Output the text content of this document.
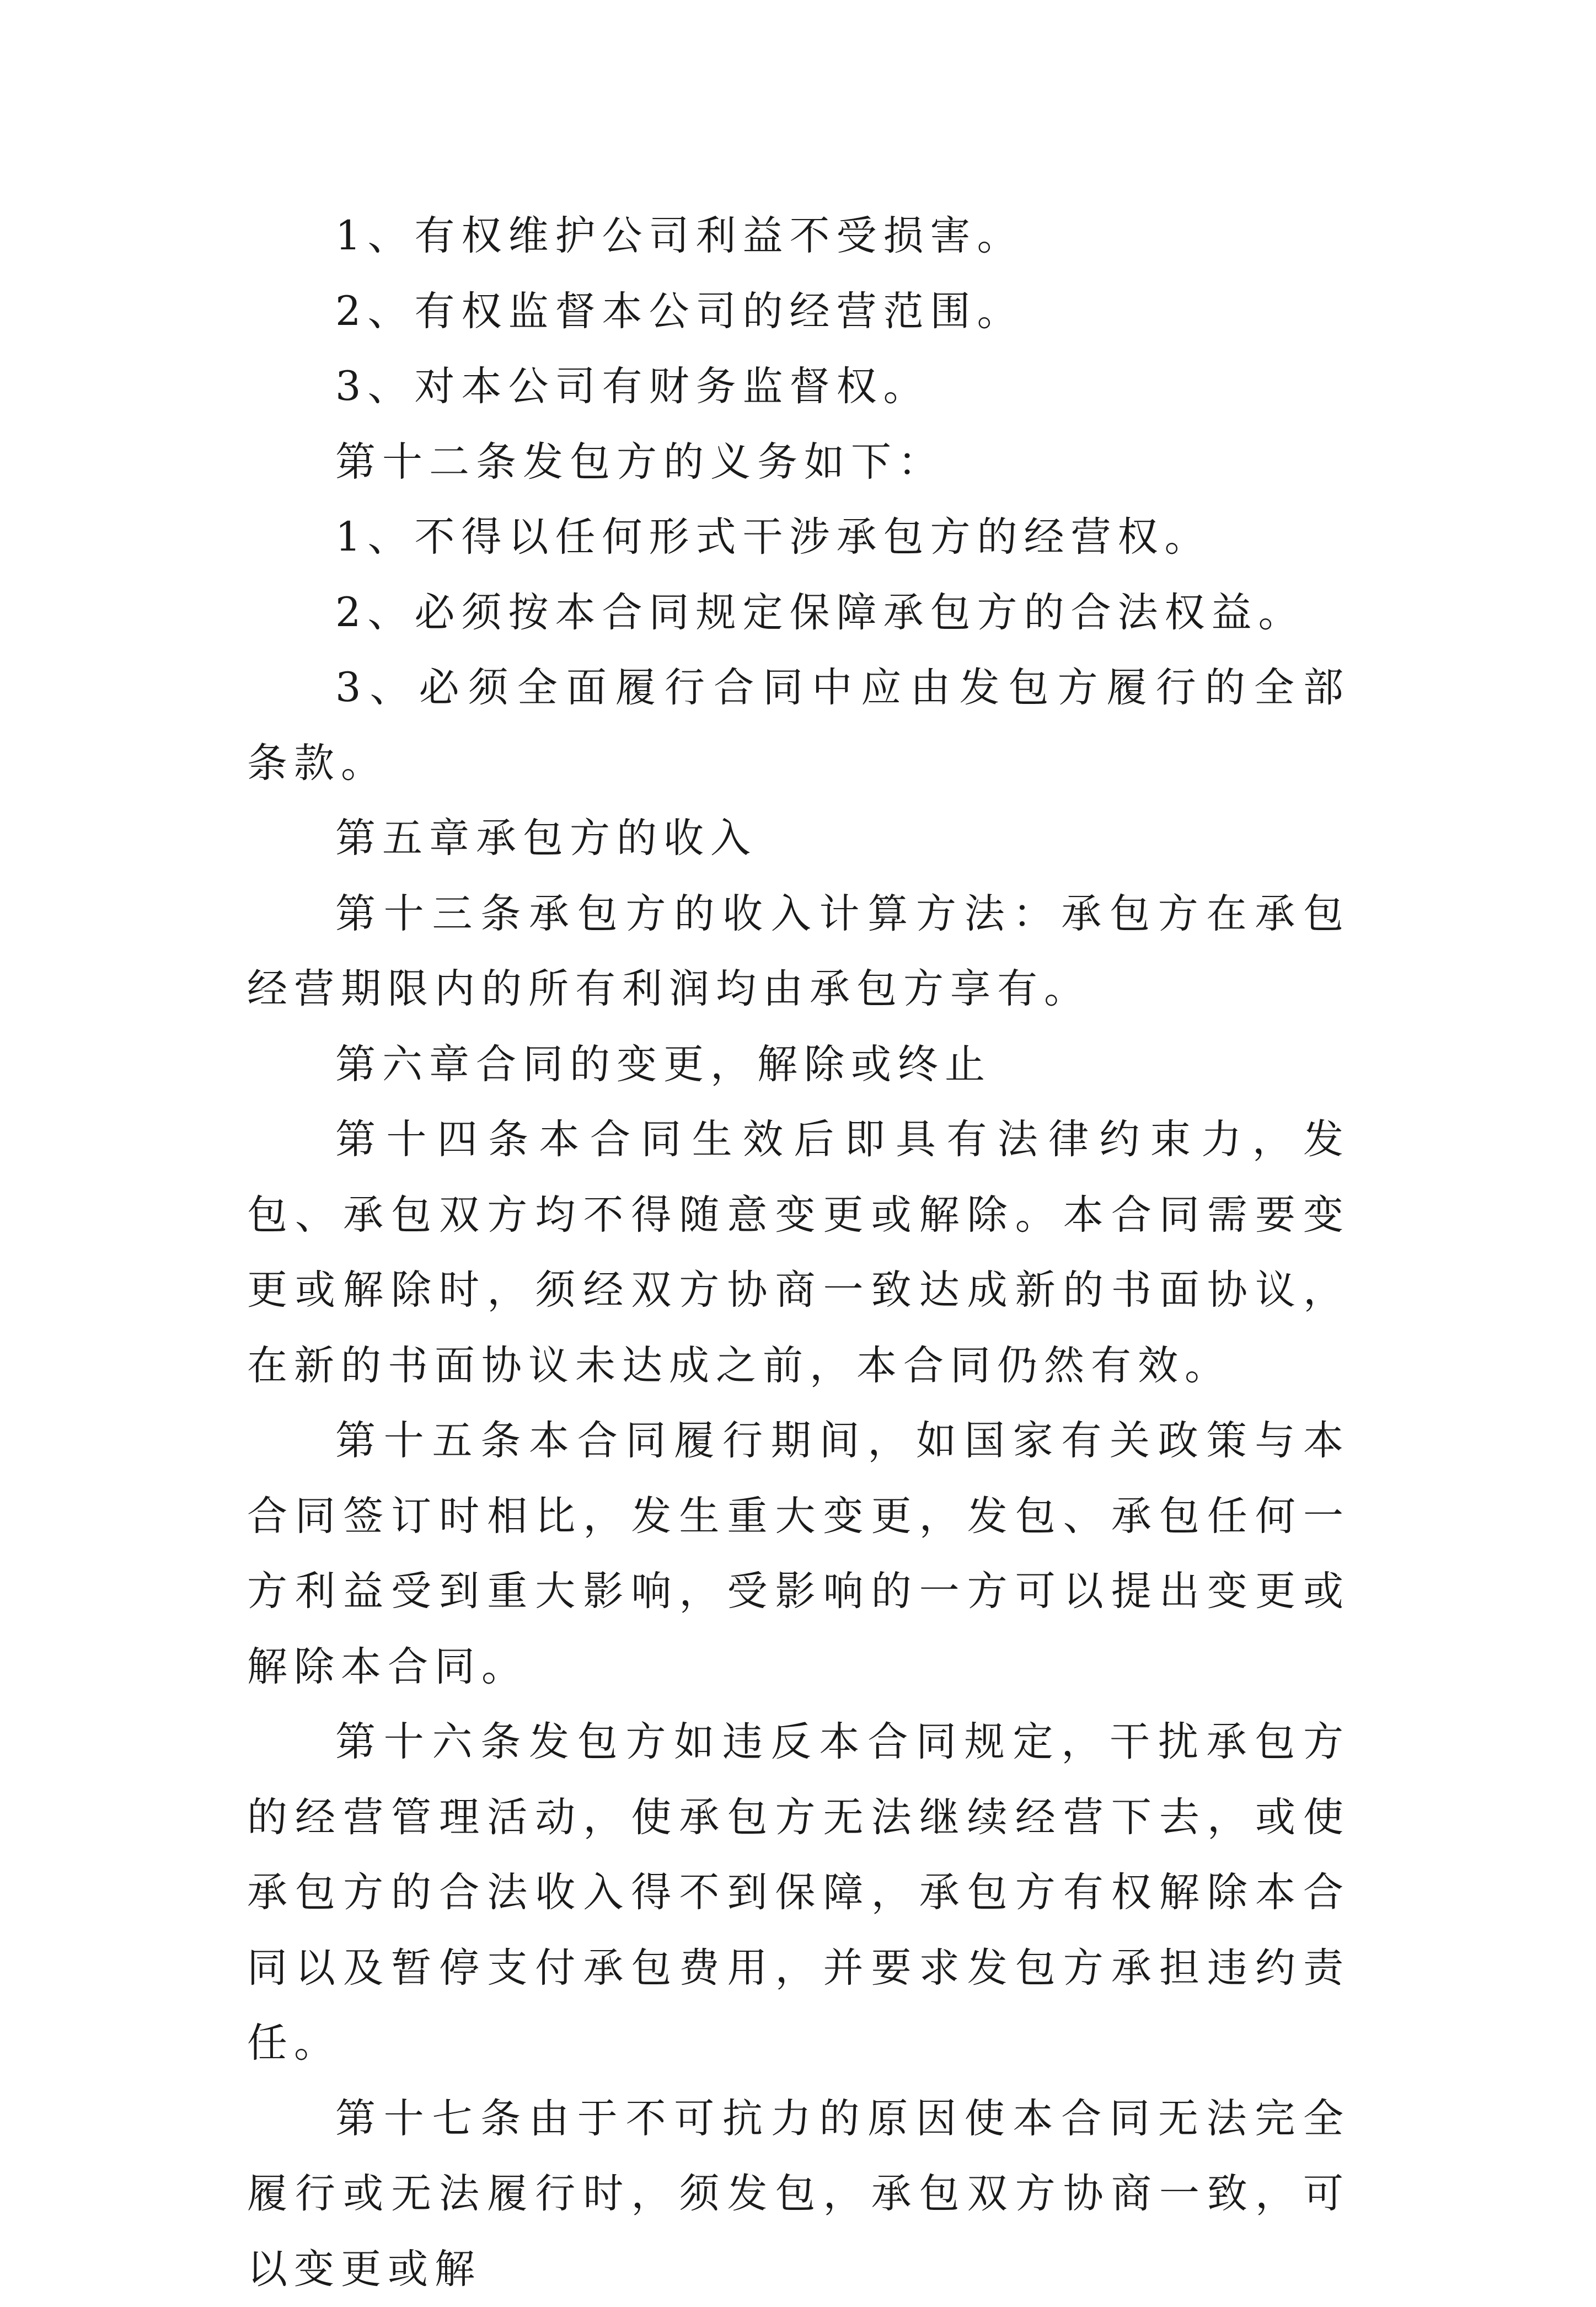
1、有权维护公司利益不受损害。

2、有权监督本公司的经营范围。

3、对本公司有财务监督权。

第十二条发包方的义务如下：

1、不得以任何形式干涉承包方的经营权。

2、必须按本合同规定保障承包方的合法权益。

3、必须全面履行合同中应由发包方履行的全部条款。

第五章承包方的收入

第十三条承包方的收入计算方法：承包方在承包经营期限内的所有利润均由承包方享有。

第六章合同的变更，解除或终止

第十四条本合同生效后即具有法律约束力，发包、承包双方均不得随意变更或解除。本合同需要变更或解除时，须经双方协商一致达成新的书面协议，在新的书面协议未达成之前，本合同仍然有效。

第十五条本合同履行期间，如国家有关政策与本合同签订时相比，发生重大变更，发包、承包任何一方利益受到重大影响，受影响的一方可以提出变更或解除本合同。

第十六条发包方如违反本合同规定，干扰承包方的经营管理活动，使承包方无法继续经营下去，或使承包方的合法收入得不到保障，承包方有权解除本合同以及暂停支付承包费用，并要求发包方承担违约责任。

第十七条由于不可抗力的原因使本合同无法完全履行或无法履行时，须发包，承包双方协商一致，可以变更或解
